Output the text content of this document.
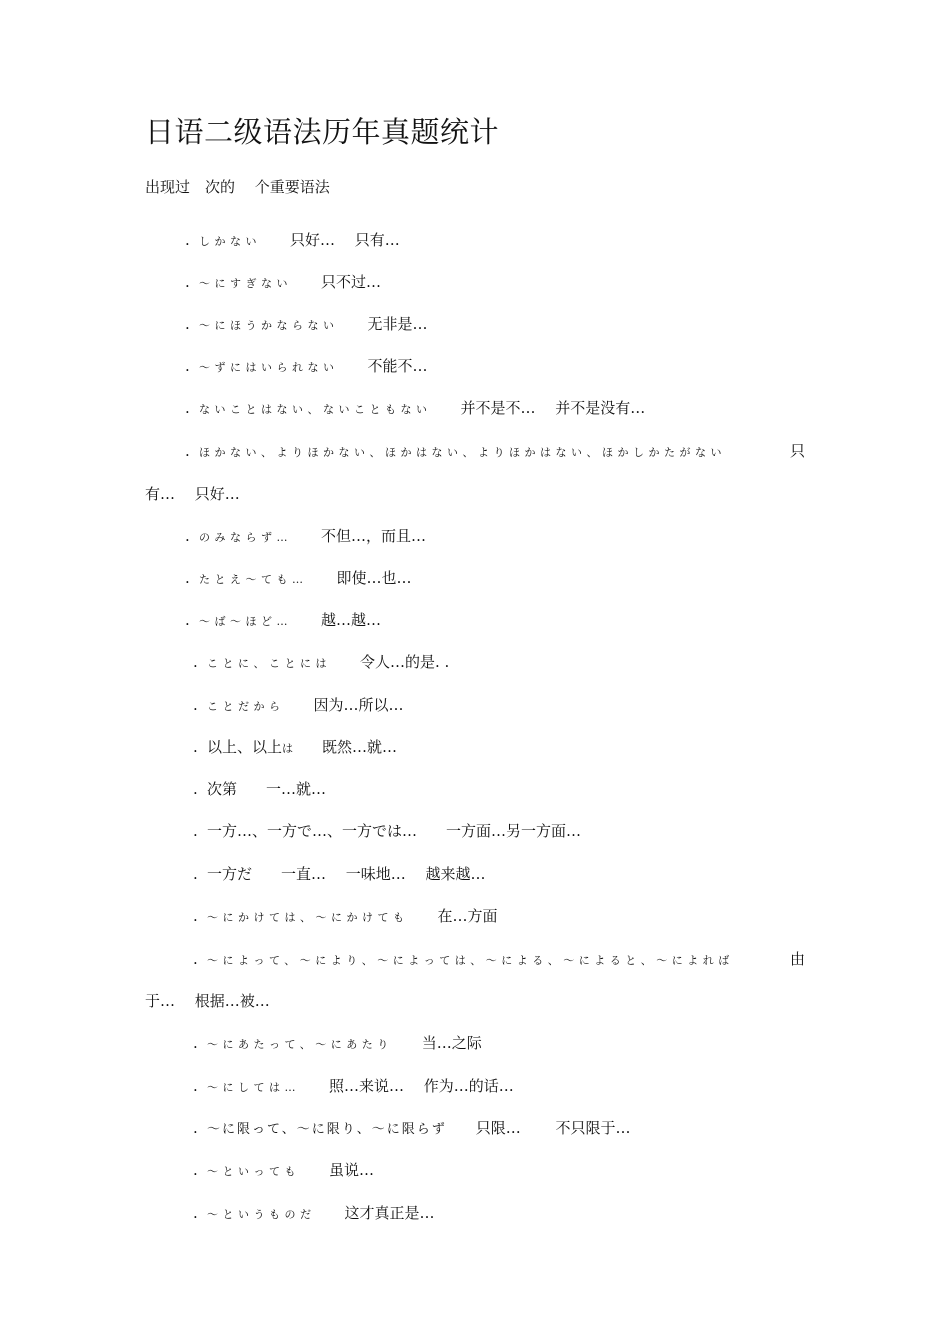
日语二级语法历年真题统计
出现过　次的　 个重要语法
. しかない　只好…　 只有…
. ～にすぎない　只不过…
. ～にほうかならない　无非是…
. ～ずにはいられない　不能不…
. ないことはない、ないこともない　并不是不…　 并不是没有…
. ほかない、よりほかない、ほかはない、よりほかはない、ほかしかたがない	只
有…　 只好…
. のみならず…　不但…，而且…
. たとえ～ても…　即使…也…
. ～ば～ほど…　越…越…
. ことに、ことには　令人…的是. .
. ことだから　因为…所以…
. 以上、以上は　既然…就…
. 次第　一…就…
. 一方…、一方で…、一方では…　一方面…另一方面…
. 一方だ　一直…　 一味地…　 越来越…
. ～にかけては、～にかけても　在…方面
. ～によって、～により、～によっては、～による、～によると、～によれば	由
于…　 根据…被…
. ～にあたって、～にあたり　当…之际
. ～にしては…　照…来说…　 作为…的话…
. ～に限って、～に限り、～に限らず　只限…　　 不只限于…
. ～といっても　虽说…
. ～というものだ　这才真正是…
